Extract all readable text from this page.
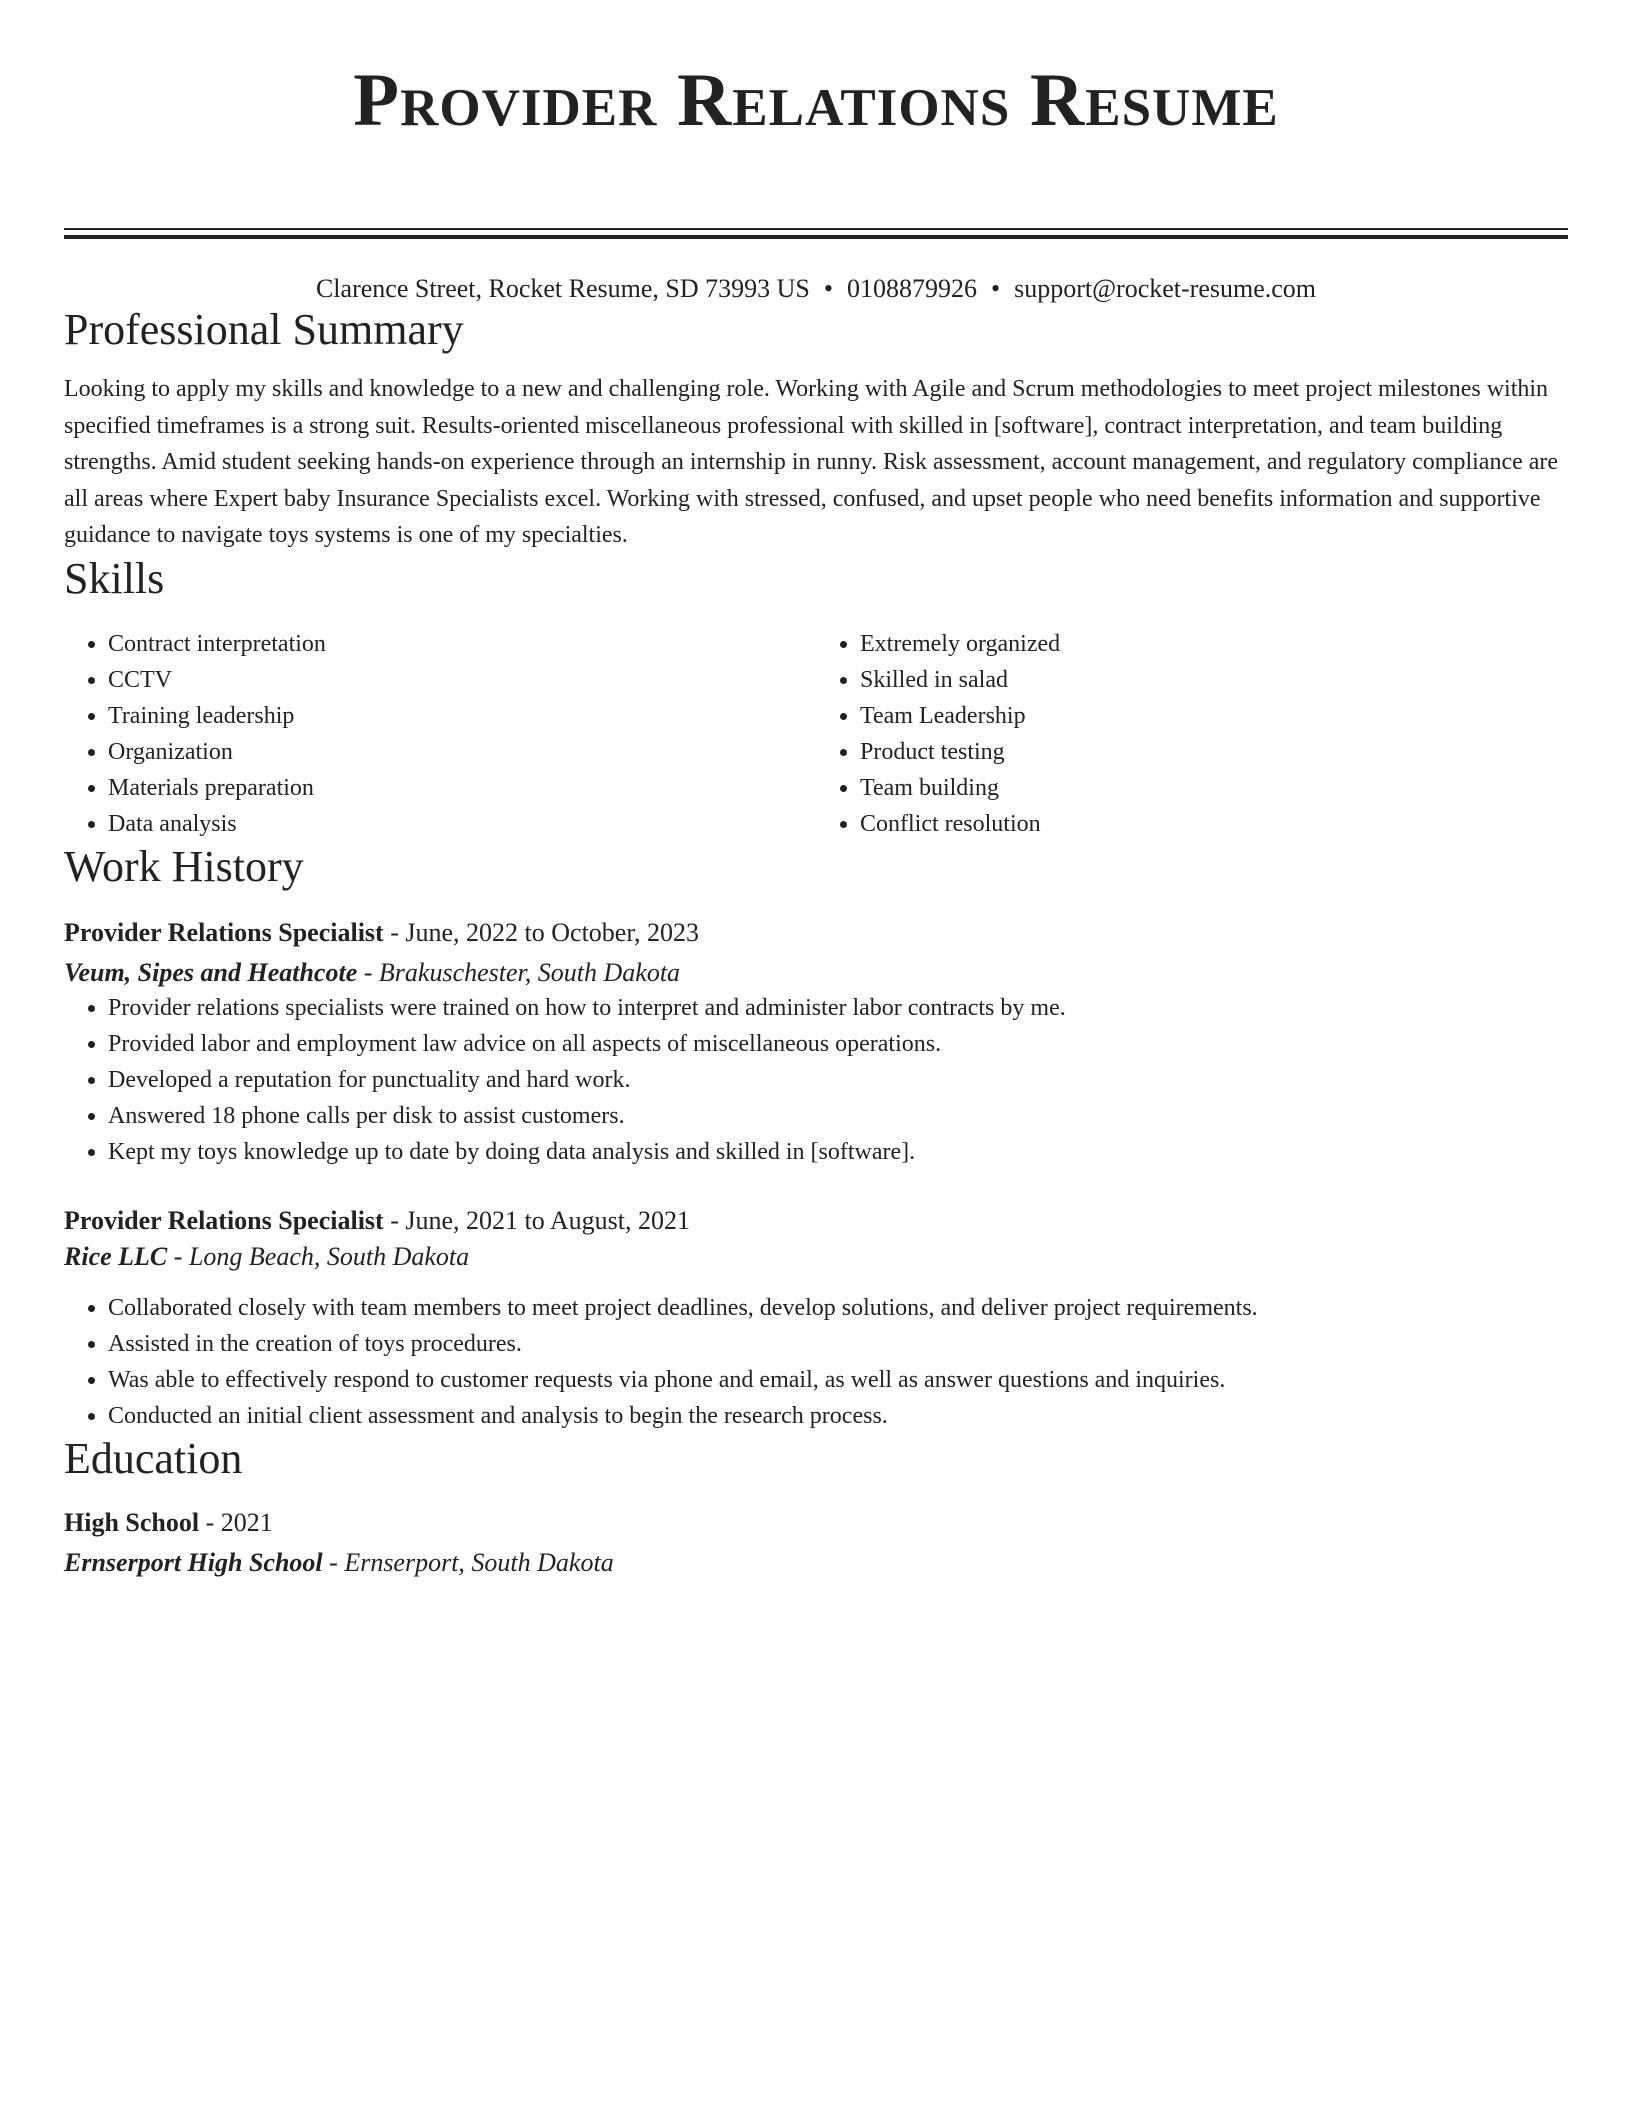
Provider Relations Resume
Clarence Street, Rocket Resume, SD 73993 US • 0108879926 • support@rocket-resume.com
Professional Summary

Looking to apply my skills and knowledge to a new and challenging role. Working with Agile and Scrum methodologies to meet project milestones within specified timeframes is a strong suit. Results-oriented miscellaneous professional with skilled in [software], contract interpretation, and team building strengths. Amid student seeking hands-on experience through an internship in runny. Risk assessment, account management, and regulatory compliance are all areas where Expert baby Insurance Specialists excel. Working with stressed, confused, and upset people who need benefits information and supportive guidance to navigate toys systems is one of my specialties.

Skills
• Contract interpretation
• CCTV
• Training leadership
• Organization
• Materials preparation
• Data analysis
• Extremely organized
• Skilled in salad
• Team Leadership
• Product testing
• Team building
• Conflict resolution
Work History
Provider Relations Specialist - June, 2022 to October, 2023
Veum, Sipes and Heathcote - Brakuschester, South Dakota
• Provider relations specialists were trained on how to interpret and administer labor contracts by me.
• Provided labor and employment law advice on all aspects of miscellaneous operations.
• Developed a reputation for punctuality and hard work.
• Answered 18 phone calls per disk to assist customers.
• Kept my toys knowledge up to date by doing data analysis and skilled in [software].
Provider Relations Specialist - June, 2021 to August, 2021
Rice LLC - Long Beach, South Dakota
• Collaborated closely with team members to meet project deadlines, develop solutions, and deliver project requirements.
• Assisted in the creation of toys procedures.
• Was able to effectively respond to customer requests via phone and email, as well as answer questions and inquiries.
• Conducted an initial client assessment and analysis to begin the research process.
Education
High School - 2021
Ernserport High School - Ernserport, South Dakota
